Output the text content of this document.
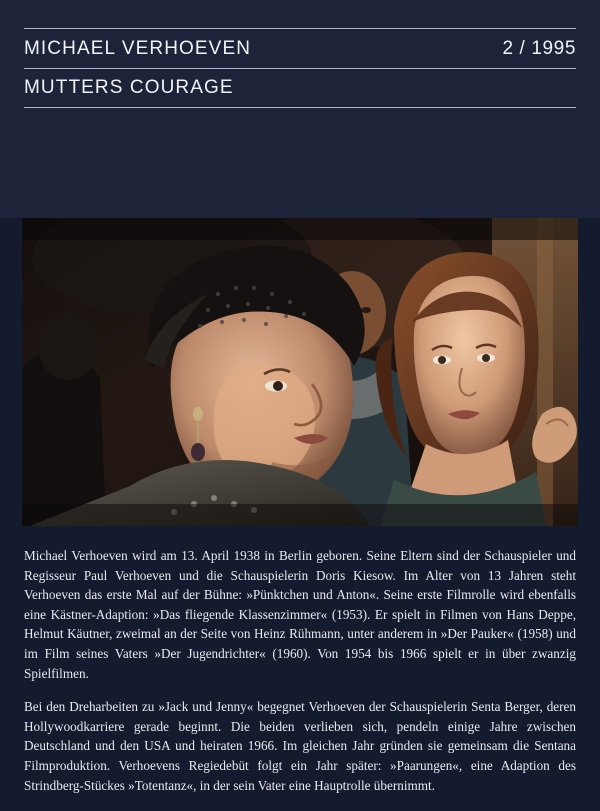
MICHAEL VERHOEVEN	2 / 1995
MUTTERS COURAGE

Michael Verhoeven wird am 13. April 1938 in Berlin geboren. Seine Eltern sind der Schauspieler und Regisseur Paul Verhoeven und die Schauspielerin Doris Kiesow. Im Alter von 13 Jahren steht Verhoeven das erste Mal auf der Bühne: »Pünktchen und Anton«. Seine erste Filmrolle wird ebenfalls eine Kästner-Adaption: »Das fliegende Klassenzimmer« (1953). Er spielt in Filmen von Hans Deppe, Helmut Käutner, zweimal an der Seite von Heinz Rühmann, unter anderem in »Der Pauker« (1958) und im Film seines Vaters »Der Jugendrichter« (1960). Von 1954 bis 1966 spielt er in über zwanzig Spielfilmen.

Bei den Dreharbeiten zu »Jack und Jenny« begegnet Verhoeven der Schauspielerin Senta Berger, deren Hollywoodkarriere gerade beginnt. Die beiden verlieben sich, pendeln einige Jahre zwischen Deutschland und den USA und heiraten 1966. Im gleichen Jahr gründen sie gemeinsam die Sentana Filmproduktion. Verhoevens Regiedebüt folgt ein Jahr später: »Paarungen«, eine Adaption des Strindberg-Stückes »Totentanz«, in der sein Vater eine Hauptrolle übernimmt.
